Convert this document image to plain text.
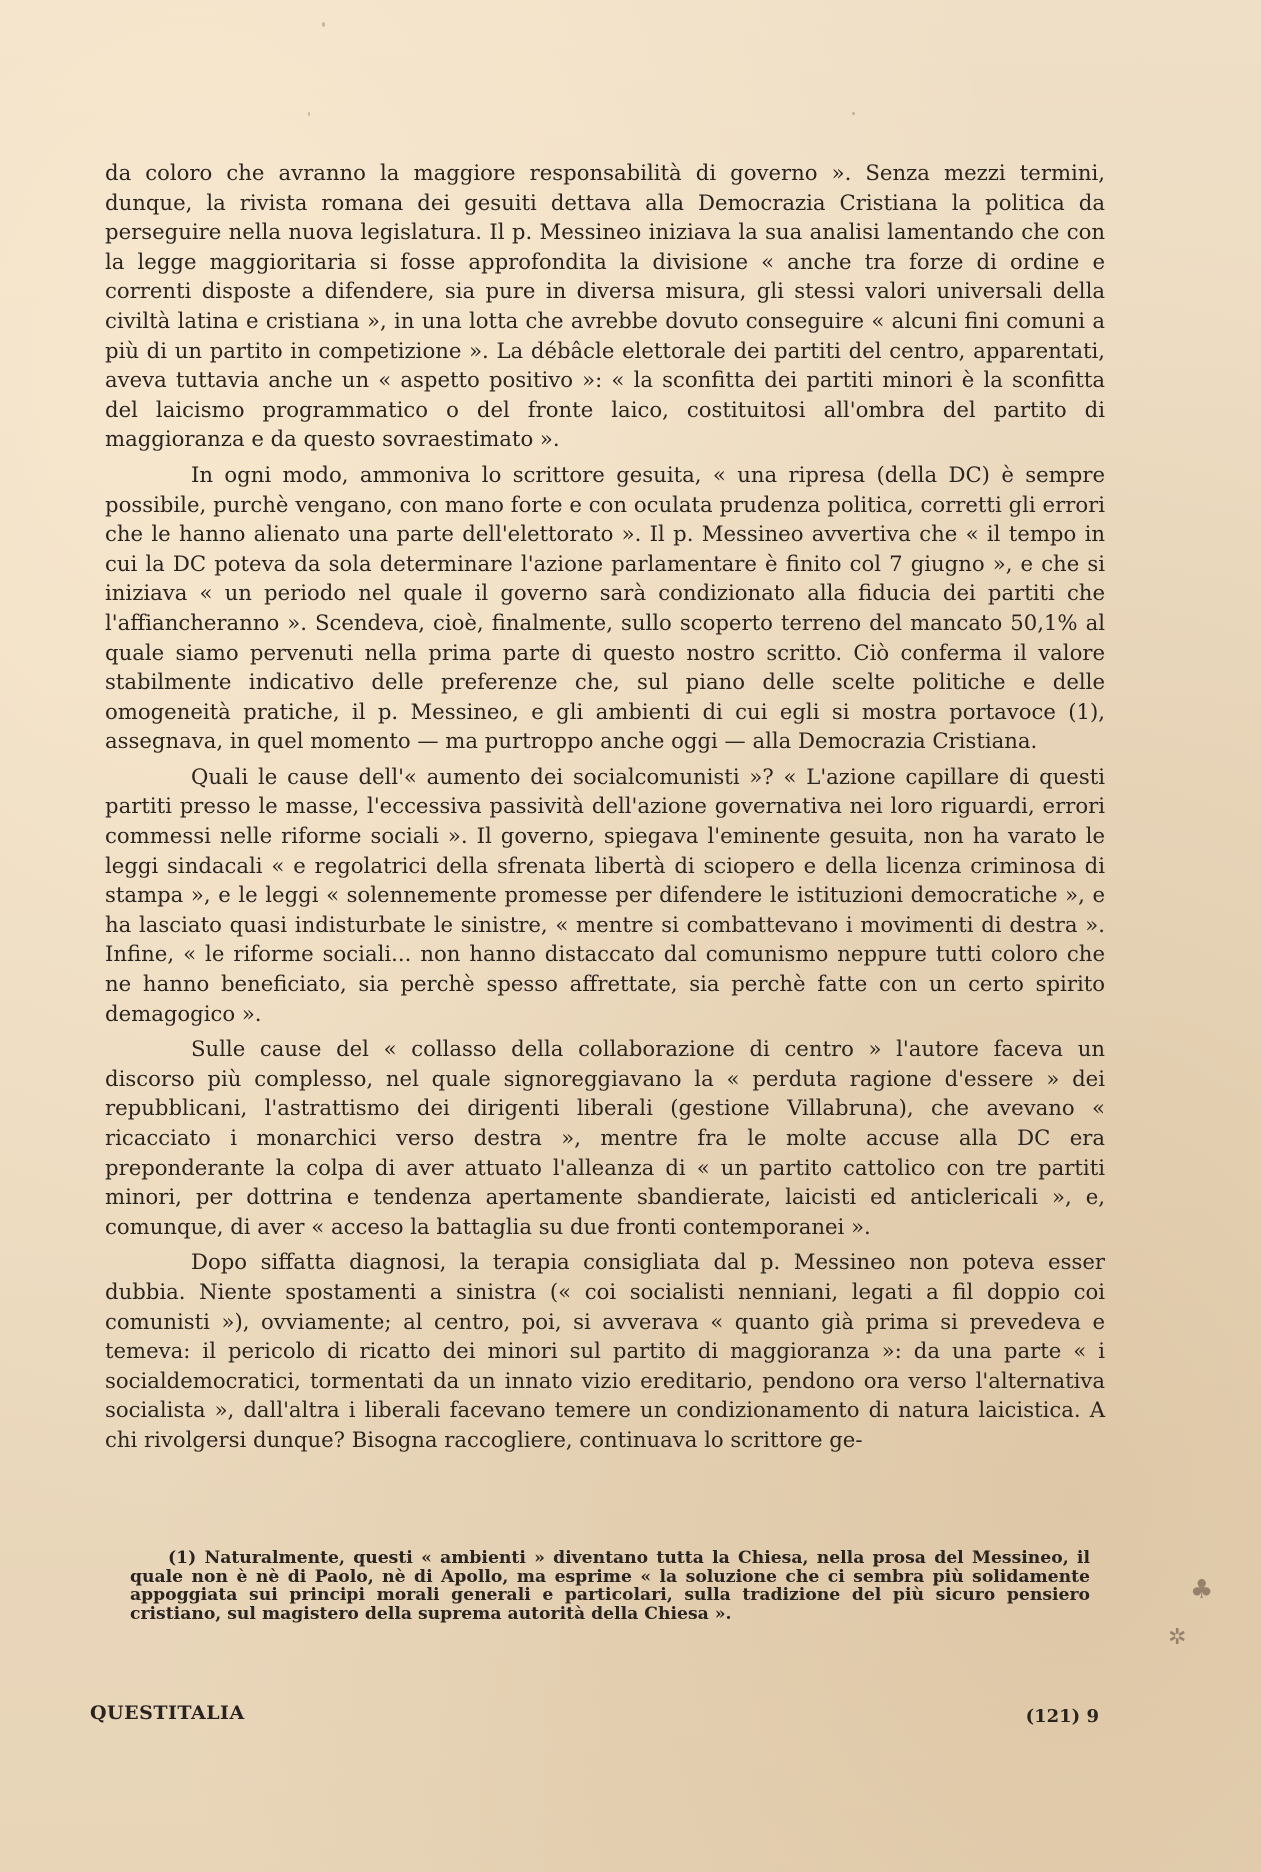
da coloro che avranno la maggiore responsabilità di governo ». Senza mezzi termini, dunque, la rivista romana dei gesuiti dettava alla Democrazia Cristiana la politica da perseguire nella nuova legislatura. Il p. Messineo iniziava la sua analisi lamentando che con la legge maggioritaria si fosse approfondita la divisione « anche tra forze di ordine e correnti disposte a difendere, sia pure in diversa misura, gli stessi valori universali della civiltà latina e cristiana », in una lotta che avrebbe dovuto conseguire « alcuni fini comuni a più di un partito in competizione ». La débâcle elettorale dei partiti del centro, apparentati, aveva tuttavia anche un « aspetto positivo »: « la sconfitta dei partiti minori è la sconfitta del laicismo programmatico o del fronte laico, costituitosi all'ombra del partito di maggioranza e da questo sovraestimato ».

In ogni modo, ammoniva lo scrittore gesuita, « una ripresa (della DC) è sempre possibile, purchè vengano, con mano forte e con oculata prudenza politica, corretti gli errori che le hanno alienato una parte dell'elettorato ». Il p. Messineo avvertiva che « il tempo in cui la DC poteva da sola determinare l'azione parlamentare è finito col 7 giugno », e che si iniziava « un periodo nel quale il governo sarà condizionato alla fiducia dei partiti che l'affiancheranno ». Scendeva, cioè, finalmente, sullo scoperto terreno del mancato 50,1% al quale siamo pervenuti nella prima parte di questo nostro scritto. Ciò conferma il valore stabilmente indicativo delle preferenze che, sul piano delle scelte politiche e delle omogeneità pratiche, il p. Messineo, e gli ambienti di cui egli si mostra portavoce (1), assegnava, in quel momento — ma purtroppo anche oggi — alla Democrazia Cristiana.

Quali le cause dell'« aumento dei socialcomunisti »? « L'azione capillare di questi partiti presso le masse, l'eccessiva passività dell'azione governativa nei loro riguardi, errori commessi nelle riforme sociali ». Il governo, spiegava l'eminente gesuita, non ha varato le leggi sindacali « e regolatrici della sfrenata libertà di sciopero e della licenza criminosa di stampa », e le leggi « solennemente promesse per difendere le istituzioni democratiche », e ha lasciato quasi indisturbate le sinistre, « mentre si combattevano i movimenti di destra ». Infine, « le riforme sociali... non hanno distaccato dal comunismo neppure tutti coloro che ne hanno beneficiato, sia perchè spesso affrettate, sia perchè fatte con un certo spirito demagogico ».

Sulle cause del « collasso della collaborazione di centro » l'autore faceva un discorso più complesso, nel quale signoreggiavano la « perduta ragione d'essere » dei repubblicani, l'astrattismo dei dirigenti liberali (gestione Villabruna), che avevano « ricacciato i monarchici verso destra », mentre fra le molte accuse alla DC era preponderante la colpa di aver attuato l'alleanza di « un partito cattolico con tre partiti minori, per dottrina e tendenza apertamente sbandierate, laicisti ed anticlericali », e, comunque, di aver « acceso la battaglia su due fronti contemporanei ».

Dopo siffatta diagnosi, la terapia consigliata dal p. Messineo non poteva esser dubbia. Niente spostamenti a sinistra (« coi socialisti nenniani, legati a fil doppio coi comunisti »), ovviamente; al centro, poi, si avverava « quanto già prima si prevedeva e temeva: il pericolo di ricatto dei minori sul partito di maggioranza »: da una parte « i socialdemocratici, tormentati da un innato vizio ereditario, pendono ora verso l'alternativa socialista », dall'altra i liberali facevano temere un condizionamento di natura laicistica. A chi rivolgersi dunque? Bisogna raccogliere, continuava lo scrittore ge-

(1) Naturalmente, questi « ambienti » diventano tutta la Chiesa, nella prosa del Messineo, il quale non è nè di Paolo, nè di Apollo, ma esprime « la soluzione che ci sembra più solidamente appoggiata sui principi morali generali e particolari, sulla tradizione del più sicuro pensiero cristiano, sul magistero della suprema autorità della Chiesa ».
QUESTITALIA	(121) 9
♣
✲
